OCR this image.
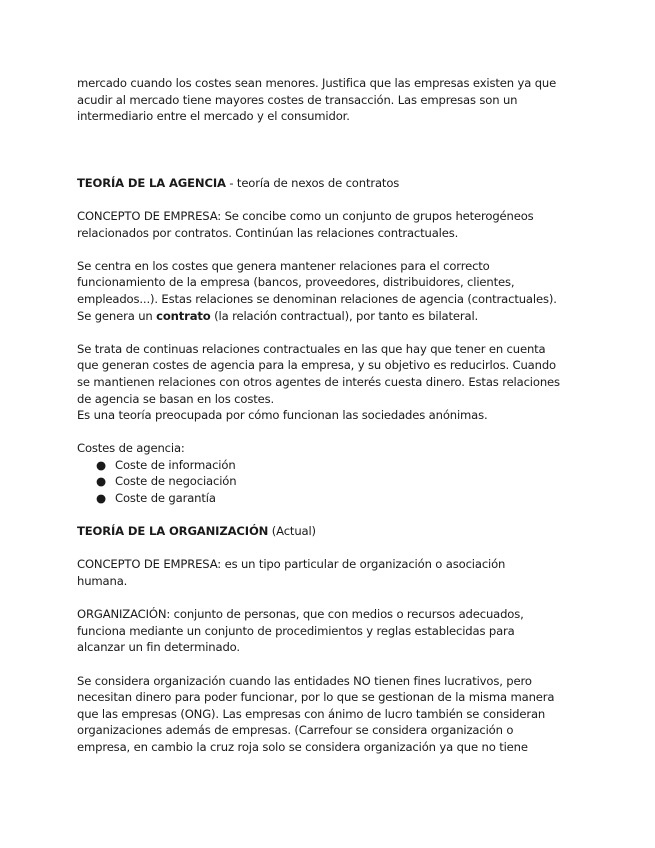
mercado cuando los costes sean menores. Justifica que las empresas existen ya que
acudir al mercado tiene mayores costes de transacción. Las empresas son un
intermediario entre el mercado y el consumidor.

TEORÍA DE LA AGENCIA - teoría de nexos de contratos

CONCEPTO DE EMPRESA: Se concibe como un conjunto de grupos heterogéneos
relacionados por contratos. Continúan las relaciones contractuales.

Se centra en los costes que genera mantener relaciones para el correcto
funcionamiento de la empresa (bancos, proveedores, distribuidores, clientes,
empleados...). Estas relaciones se denominan relaciones de agencia (contractuales).
Se genera un contrato (la relación contractual), por tanto es bilateral.

Se trata de continuas relaciones contractuales en las que hay que tener en cuenta
que generan costes de agencia para la empresa, y su objetivo es reducirlos. Cuando
se mantienen relaciones con otros agentes de interés cuesta dinero. Estas relaciones
de agencia se basan en los costes.
Es una teoría preocupada por cómo funcionan las sociedades anónimas.

Costes de agencia:

● Coste de información
● Coste de negociación
● Coste de garantía

TEORÍA DE LA ORGANIZACIÓN (Actual)

CONCEPTO DE EMPRESA: es un tipo particular de organización o asociación
humana.

ORGANIZACIÓN: conjunto de personas, que con medios o recursos adecuados,
funciona mediante un conjunto de procedimientos y reglas establecidas para
alcanzar un fin determinado.

Se considera organización cuando las entidades NO tienen fines lucrativos, pero
necesitan dinero para poder funcionar, por lo que se gestionan de la misma manera
que las empresas (ONG). Las empresas con ánimo de lucro también se consideran
organizaciones además de empresas. (Carrefour se considera organización o
empresa, en cambio la cruz roja solo se considera organización ya que no tiene
